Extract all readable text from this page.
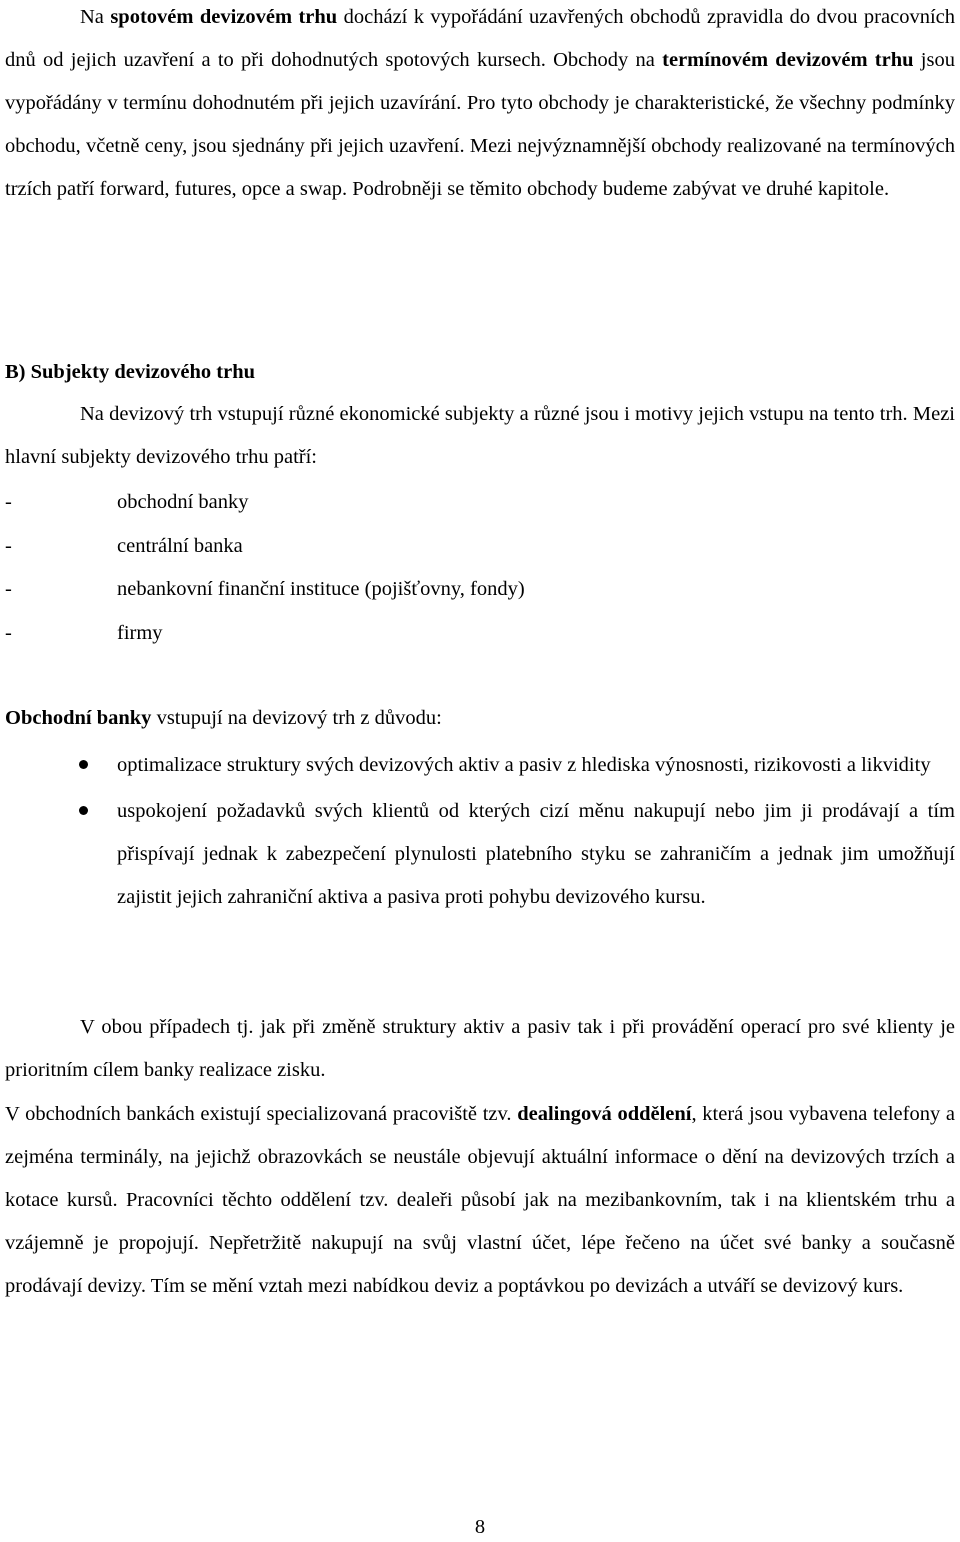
Na spotovém devizovém trhu dochází k vypořádání uzavřených obchodů zpravidla do dvou pracovních dnů od jejich uzavření a to při dohodnutých spotových kursech. Obchody na termínovém devizovém trhu jsou vypořádány v termínu dohodnutém při jejich uzavírání. Pro tyto obchody je charakteristické, že všechny podmínky obchodu, včetně ceny, jsou sjednány při jejich uzavření. Mezi nejvýznamnější obchody realizované na termínových trzích patří forward, futures, opce a swap. Podrobněji se těmito obchody budeme zabývat ve druhé kapitole.

B) Subjekty devizového trhu

Na devizový trh vstupují různé ekonomické subjekty a různé jsou i motivy jejich vstupu na tento trh. Mezi hlavní subjekty devizového trhu patří:

-	obchodní banky
-	centrální banka
-	nebankovní finanční instituce (pojišťovny, fondy)
-	firmy

Obchodní banky vstupují na devizový trh z důvodu:

optimalizace struktury svých devizových aktiv a pasiv z hlediska výnosnosti, rizikovosti a likvidity
uspokojení požadavků svých klientů od kterých cizí měnu nakupují nebo jim ji prodávají a tím přispívají jednak k zabezpečení plynulosti platebního styku se zahraničím a jednak jim umožňují zajistit jejich zahraniční aktiva a pasiva proti pohybu devizového kursu.

V obou případech tj. jak při změně struktury aktiv a pasiv tak i při provádění operací pro své klienty je prioritním cílem banky realizace zisku.

V obchodních bankách existují specializovaná pracoviště tzv. dealingová oddělení, která jsou vybavena telefony a zejména terminály, na jejichž obrazovkách se neustále objevují aktuální informace o dění na devizových trzích a kotace kursů. Pracovníci těchto oddělení tzv. dealeři působí jak na mezibankovním, tak i na klientském trhu a vzájemně je propojují. Nepřetržitě nakupují na svůj vlastní účet, lépe řečeno na účet své banky a současně prodávají devizy. Tím se mění vztah mezi nabídkou deviz a poptávkou po devizách a utváří se devizový kurs.

8
